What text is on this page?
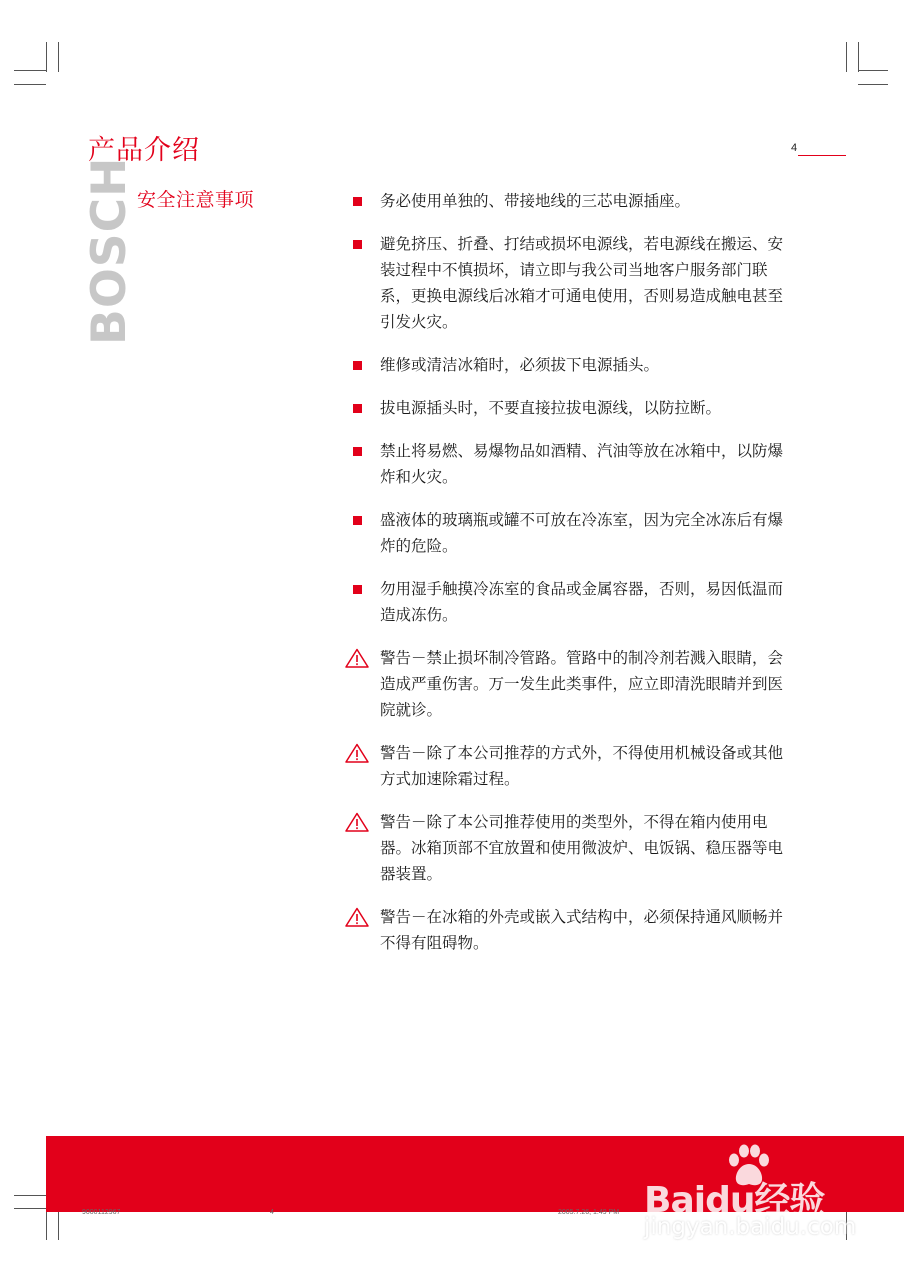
产品介绍	4
BOSCH 安全注意事项	务必使用单独的、带接地线的三芯电源插座。
避免挤压、折叠、打结或损坏电源线，若电源线在搬运、安装过程中不慎损坏，请立即与我公司当地客户服务部门联系，更换电源线后冰箱才可通电使用，否则易造成触电甚至引发火灾。
维修或清洁冰箱时，必须拔下电源插头。
拔电源插头时，不要直接拉拔电源线，以防拉断。
禁止将易燃、易爆物品如酒精、汽油等放在冰箱中，以防爆炸和火灾。
盛液体的玻璃瓶或罐不可放在冷冻室，因为完全冰冻后有爆炸的危险。
勿用湿手触摸冷冻室的食品或金属容器，否则，易因低温而造成冻伤。
警告－禁止损坏制冷管路。管路中的制冷剂若溅入眼睛，会造成严重伤害。万一发生此类事件，应立即清洗眼睛并到医院就诊。
警告－除了本公司推荐的方式外，不得使用机械设备或其他方式加速除霜过程。
警告－除了本公司推荐使用的类型外，不得在箱内使用电器。冰箱顶部不宜放置和使用微波炉、电饭锅、稳压器等电器装置。
警告－在冰箱的外壳或嵌入式结构中，必须保持通风顺畅并不得有阻碍物。
9000112967	4	2005.7.26, 1:49 PM Baidu经验
jingyan.baidu.com
